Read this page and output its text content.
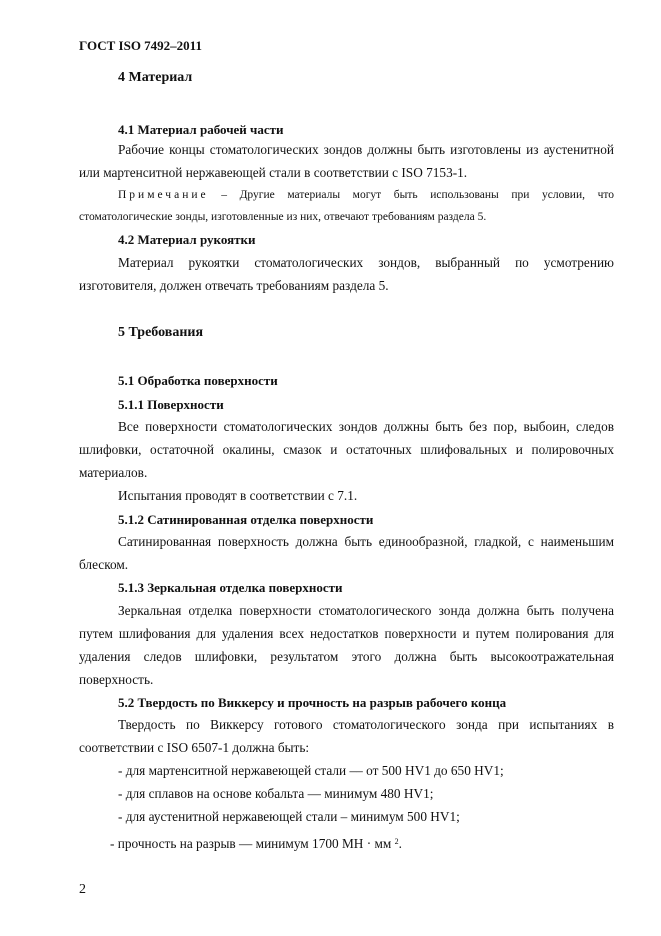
ГОСТ ISO 7492–2011
4 Материал
4.1 Материал рабочей части

Рабочие концы стоматологических зондов должны быть изготовлены из аустенитной или мартенситной нержавеющей стали в соответствии с ISO 7153-1.

Примечание – Другие материалы могут быть использованы при условии, что стоматологические зонды, изготовленные из них, отвечают требованиям раздела 5.

4.2 Материал рукоятки

Материал рукоятки стоматологических зондов, выбранный по усмотрению изготовителя, должен отвечать требованиям раздела 5.

5 Требования
5.1 Обработка поверхности
5.1.1 Поверхности

Все поверхности стоматологических зондов должны быть без пор, выбоин, следов шлифовки, остаточной окалины, смазок и остаточных шлифовальных и полировочных материалов.

Испытания проводят в соответствии с 7.1.

5.1.2 Сатинированная отделка поверхности

Сатинированная поверхность должна быть единообразной, гладкой, с наименьшим блеском.

5.1.3 Зеркальная отделка поверхности

Зеркальная отделка поверхности стоматологического зонда должна быть получена путем шлифования для удаления всех недостатков поверхности и путем полирования для удаления следов шлифовки, результатом этого должна быть высокоотражательная поверхность.

5.2 Твердость по Виккерсу и прочность на разрыв рабочего конца

Твердость по Виккерсу готового стоматологического зонда при испытаниях в соответствии с ISO 6507-1 должна быть:

- для мартенситной нержавеющей стали –– от 500 HV1 до 650 HV1;
- для сплавов на основе кобальта — минимум 480 HV1;
- для аустенитной нержавеющей стали – минимум 500 HV1;
- прочность на разрыв — минимум 1700 МН · мм $^2$.
2
